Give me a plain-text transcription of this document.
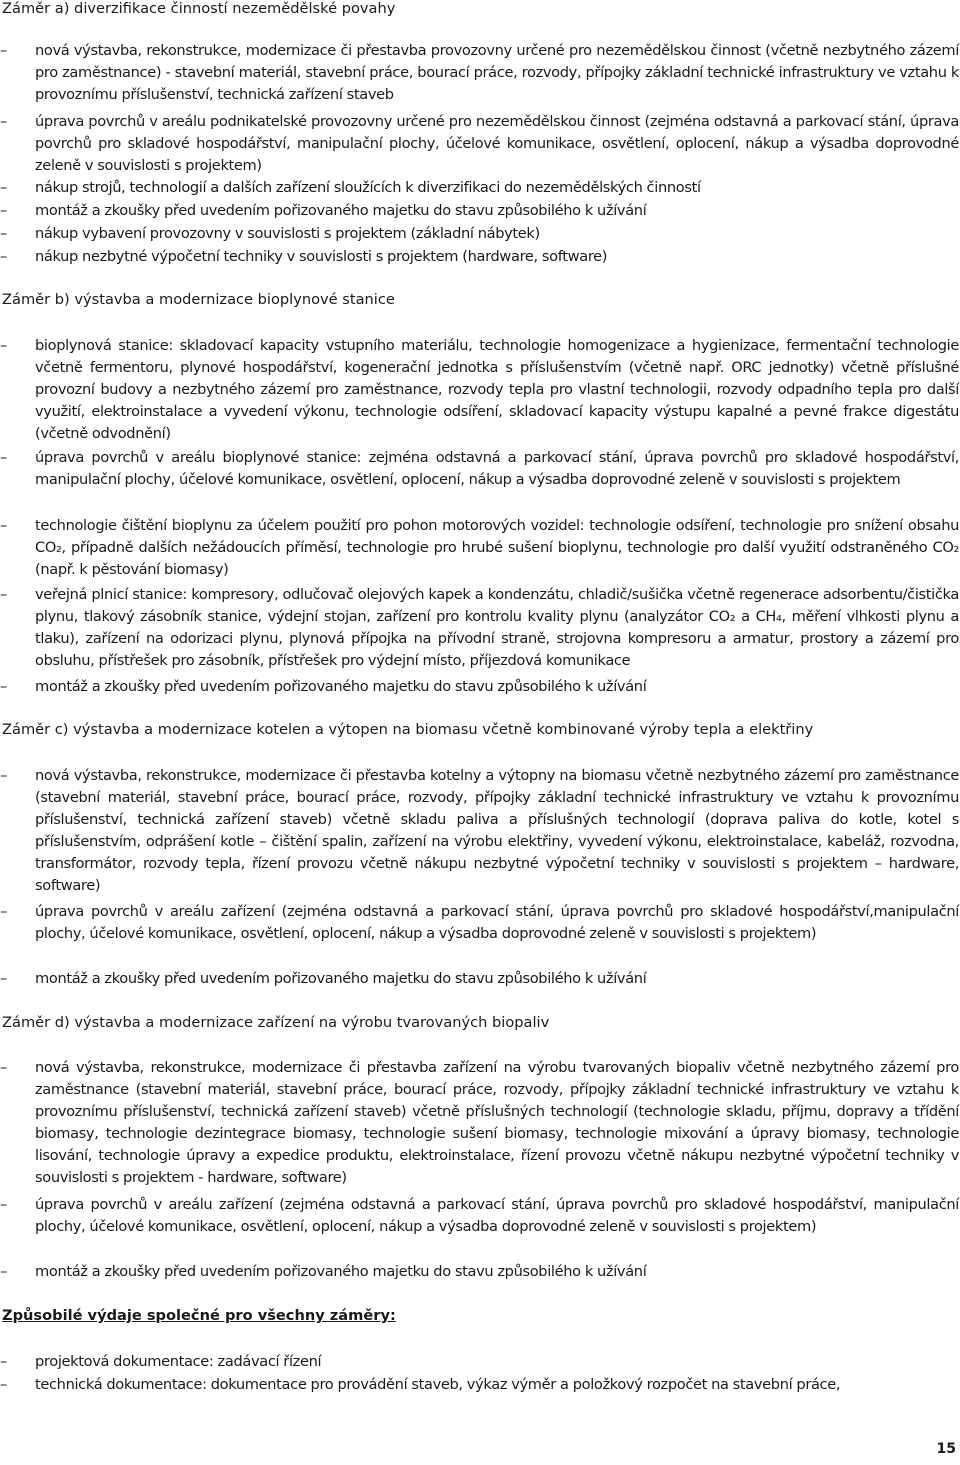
Záměr a) diverzifikace činností nezemědělské povahy
–	nová výstavba, rekonstrukce, modernizace či přestavba provozovny určené pro nezemědělskou činnost (včetně nezbytného zázemí pro zaměstnance) - stavební materiál, stavební práce, bourací práce, rozvody, přípojky základní technické infrastruktury ve vztahu k provoznímu příslušenství, technická zařízení staveb
–	úprava povrchů v areálu podnikatelské provozovny určené pro nezemědělskou činnost (zejména odstavná a parkovací stání, úprava povrchů pro skladové hospodářství, manipulační plochy, účelové komunikace, osvětlení, oplocení, nákup a výsadba doprovodné zeleně v souvislosti s projektem)
–	nákup strojů, technologií a dalších zařízení sloužících k diverzifikaci do nezemědělských činností
–	montáž a zkoušky před uvedením pořizovaného majetku do stavu způsobilého k užívání
–	nákup vybavení provozovny v souvislosti s projektem (základní nábytek)
–	nákup nezbytné výpočetní techniky v souvislosti s projektem (hardware, software)
Záměr b) výstavba a modernizace bioplynové stanice
–	bioplynová stanice: skladovací kapacity vstupního materiálu, technologie homogenizace a hygienizace, fermentační technologie včetně fermentoru, plynové hospodářství, kogenerační jednotka s příslušenstvím (včetně např. ORC jednotky) včetně příslušné provozní budovy a nezbytného zázemí pro zaměstnance, rozvody tepla pro vlastní technologii, rozvody odpadního tepla pro další využití, elektroinstalace a vyvedení výkonu, technologie odsíření, skladovací kapacity výstupu kapalné a pevné frakce digestátu (včetně odvodnění)
–	úprava povrchů v areálu bioplynové stanice: zejména odstavná a parkovací stání, úprava povrchů pro skladové hospodářství, manipulační plochy, účelové komunikace, osvětlení, oplocení, nákup a výsadba doprovodné zeleně v souvislosti s projektem
–	technologie čištění bioplynu za účelem použití pro pohon motorových vozidel: technologie odsíření, technologie pro snížení obsahu CO₂, případně dalších nežádoucích příměsí, technologie pro hrubé sušení bioplynu, technologie pro další využití odstraněného CO₂ (např. k pěstování biomasy)
–	veřejná plnicí stanice: kompresory, odlučovač olejových kapek a kondenzátu, chladič/sušička včetně regenerace adsorbentu/čistička plynu, tlakový zásobník stanice, výdejní stojan, zařízení pro kontrolu kvality plynu (analyzátor CO₂ a CH₄, měření vlhkosti plynu a tlaku), zařízení na odorizaci plynu, plynová přípojka na přívodní straně, strojovna kompresoru a armatur, prostory a zázemí pro obsluhu, přístřešek pro zásobník, přístřešek pro výdejní místo, příjezdová komunikace
–	montáž a zkoušky před uvedením pořizovaného majetku do stavu způsobilého k užívání
Záměr c) výstavba a modernizace kotelen a výtopen na biomasu včetně kombinované výroby tepla a elektřiny
–	nová výstavba, rekonstrukce, modernizace či přestavba kotelny a výtopny na biomasu včetně nezbytného zázemí pro zaměstnance (stavební materiál, stavební práce, bourací práce, rozvody, přípojky základní technické infrastruktury ve vztahu k provoznímu příslušenství, technická zařízení staveb) včetně skladu paliva a příslušných technologií (doprava paliva do kotle, kotel s příslušenstvím, odprášení kotle – čištění spalin, zařízení na výrobu elektřiny, vyvedení výkonu, elektroinstalace, kabeláž, rozvodna, transformátor, rozvody tepla, řízení provozu včetně nákupu nezbytné výpočetní techniky v souvislosti s projektem – hardware, software)
–	úprava povrchů v areálu zařízení (zejména odstavná a parkovací stání, úprava povrchů pro skladové hospodářství,manipulační plochy, účelové komunikace, osvětlení, oplocení, nákup a výsadba doprovodné zeleně v souvislosti s projektem)
–	montáž a zkoušky před uvedením pořizovaného majetku do stavu způsobilého k užívání
Záměr d) výstavba a modernizace zařízení na výrobu tvarovaných biopaliv
–	nová výstavba, rekonstrukce, modernizace či přestavba zařízení na výrobu tvarovaných biopaliv včetně nezbytného zázemí pro zaměstnance (stavební materiál, stavební práce, bourací práce, rozvody, přípojky základní technické infrastruktury ve vztahu k provoznímu příslušenství, technická zařízení staveb) včetně příslušných technologií (technologie skladu, příjmu, dopravy a třídění biomasy, technologie dezintegrace biomasy, technologie sušení biomasy, technologie mixování a úpravy biomasy, technologie lisování, technologie úpravy a expedice produktu, elektroinstalace, řízení provozu včetně nákupu nezbytné výpočetní techniky v souvislosti s projektem - hardware, software)
–	úprava povrchů v areálu zařízení (zejména odstavná a parkovací stání, úprava povrchů pro skladové hospodářství, manipulační plochy, účelové komunikace, osvětlení, oplocení, nákup a výsadba doprovodné zeleně v souvislosti s projektem)
–	montáž a zkoušky před uvedením pořizovaného majetku do stavu způsobilého k užívání
Způsobilé výdaje společné pro všechny záměry:
–	projektová dokumentace: zadávací řízení
–	technická dokumentace: dokumentace pro provádění staveb, výkaz výměr a položkový rozpočet na stavební práce,
15
